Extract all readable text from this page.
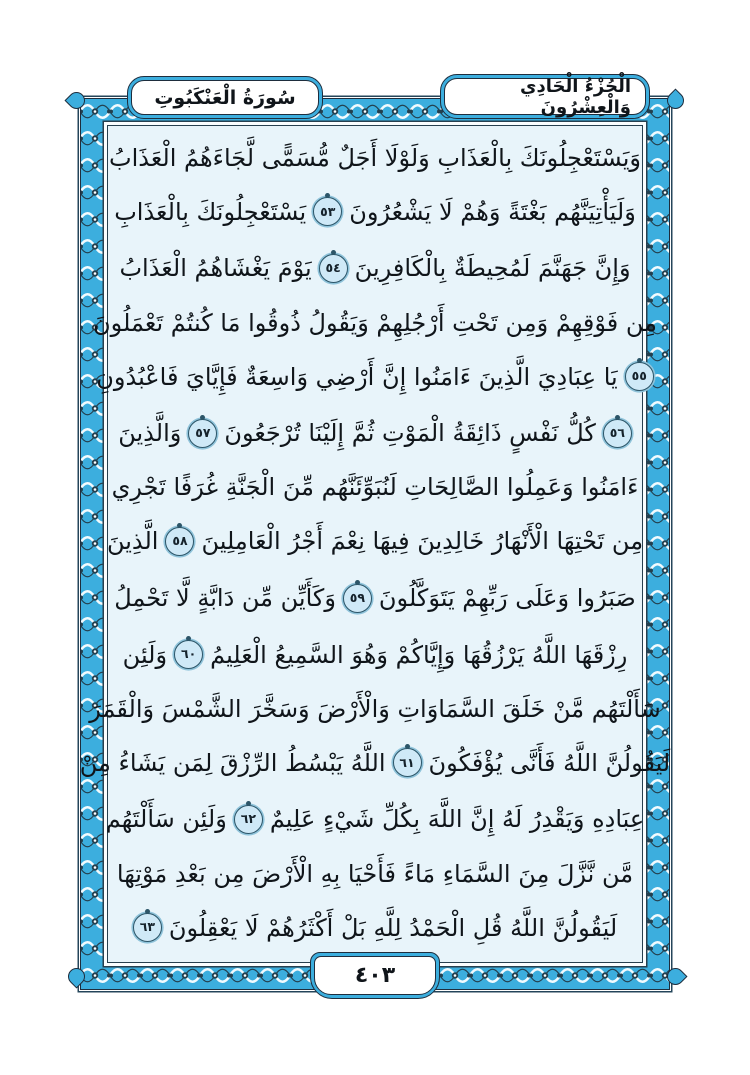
سُورَةُ الْعَنْكَبُوتِ
الْجُزْءُ الْحَادِي وَالْعِشْرُونَ
وَيَسْتَعْجِلُونَكَ بِالْعَذَابِ وَلَوْلَا أَجَلٌ مُّسَمًّى لَّجَاءَهُمُ الْعَذَابُ
وَلَيَأْتِيَنَّهُم بَغْتَةً وَهُمْ لَا يَشْعُرُونَ
٥٣
يَسْتَعْجِلُونَكَ بِالْعَذَابِ
وَإِنَّ جَهَنَّمَ لَمُحِيطَةٌ بِالْكَافِرِينَ
٥٤
يَوْمَ يَغْشَاهُمُ الْعَذَابُ
مِن فَوْقِهِمْ وَمِن تَحْتِ أَرْجُلِهِمْ وَيَقُولُ ذُوقُوا مَا كُنتُمْ تَعْمَلُونَ
٥٥
يَا عِبَادِيَ الَّذِينَ ءَامَنُوا إِنَّ أَرْضِي وَاسِعَةٌ فَإِيَّايَ فَاعْبُدُونِ
٥٦
كُلُّ نَفْسٍ ذَائِقَةُ الْمَوْتِ ثُمَّ إِلَيْنَا تُرْجَعُونَ
٥٧
وَالَّذِينَ
ءَامَنُوا وَعَمِلُوا الصَّالِحَاتِ لَنُبَوِّئَنَّهُم مِّنَ الْجَنَّةِ غُرَفًا تَجْرِي
مِن تَحْتِهَا الْأَنْهَارُ خَالِدِينَ فِيهَا نِعْمَ أَجْرُ الْعَامِلِينَ
٥٨
الَّذِينَ
صَبَرُوا وَعَلَى رَبِّهِمْ يَتَوَكَّلُونَ
٥٩
وَكَأَيِّن مِّن دَابَّةٍ لَّا تَحْمِلُ
رِزْقَهَا اللَّهُ يَرْزُقُهَا وَإِيَّاكُمْ وَهُوَ السَّمِيعُ الْعَلِيمُ
٦٠
وَلَئِن
سَأَلْتَهُم مَّنْ خَلَقَ السَّمَاوَاتِ وَالْأَرْضَ وَسَخَّرَ الشَّمْسَ وَالْقَمَرَ
لَيَقُولُنَّ اللَّهُ فَأَنَّى يُؤْفَكُونَ
٦١
اللَّهُ يَبْسُطُ الرِّزْقَ لِمَن يَشَاءُ مِنْ
عِبَادِهِ وَيَقْدِرُ لَهُ إِنَّ اللَّهَ بِكُلِّ شَيْءٍ عَلِيمٌ
٦٢
وَلَئِن سَأَلْتَهُم
مَّن نَّزَّلَ مِنَ السَّمَاءِ مَاءً فَأَحْيَا بِهِ الْأَرْضَ مِن بَعْدِ مَوْتِهَا
لَيَقُولُنَّ اللَّهُ قُلِ الْحَمْدُ لِلَّهِ بَلْ أَكْثَرُهُمْ لَا يَعْقِلُونَ
٦٣
٤٠٣
